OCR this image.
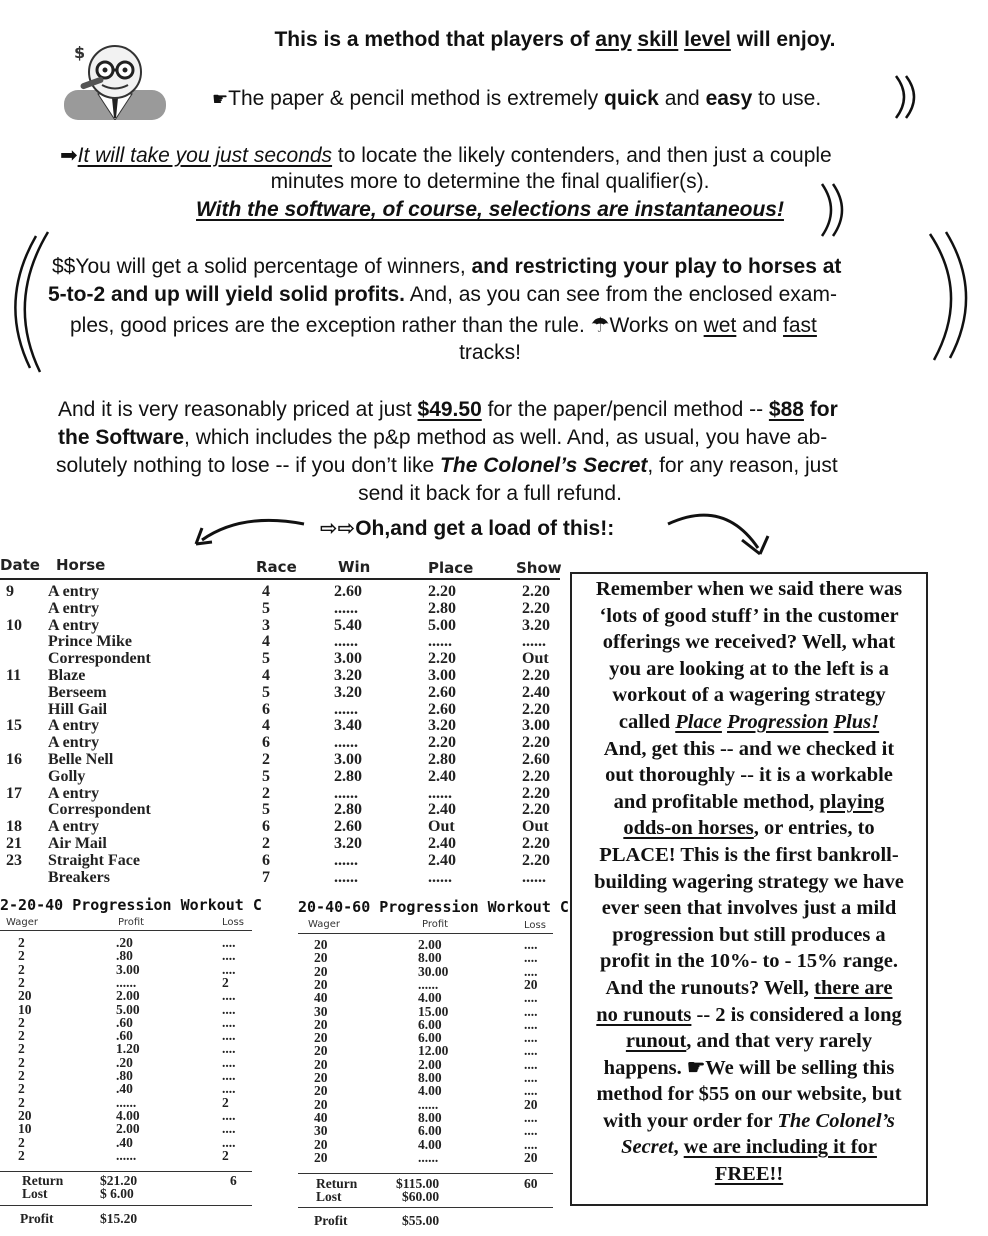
$
This is a method that players of any skill level will enjoy.
☛The paper & pencil method is extremely quick and easy to use.
➡It will take you just seconds to locate the likely contenders, and then just a couple
minutes more to determine the final qualifier(s).
With the software, of course, selections are instantaneous!
$$You will get a solid percentage of winners, and restricting your play to horses at
5-to-2 and up will yield solid profits. And, as you can see from the enclosed exam-
ples, good prices are the exception rather than the rule. ☂Works on wet and fast
tracks!
And it is very reasonably priced at just $49.50 for the paper/pencil method -- $88 for
the Software, which includes the p&p method as well. And, as usual, you have ab-
solutely nothing to lose -- if you don’t like The Colonel’s Secret, for any reason, just
send it back for a full refund.
⇨⇨Oh,and get a load of this!:
Date Horse	Race	Win	Place	Show
9 A entry	4	2.60	2.20	2.20
A entry	5	......	2.80	2.20
10 A entry	3	5.40	5.00	3.20
Prince Mike	4	......	......	......
Correspondent	5	3.00	2.20	Out
11 Blaze	4	3.20	3.00	2.20
Berseem	5	3.20	2.60	2.40
Hill Gail	6	......	2.60	2.20
15 A entry	4	3.40	3.20	3.00
A entry	6	......	2.20	2.20
16 Belle Nell	2	3.00	2.80	2.60
Golly	5	2.80	2.40	2.20
17 A entry	2	......	......	2.20
Correspondent	5	2.80	2.40	2.20
18 A entry	6	2.60	Out	Out
21 Air Mail	2	3.20	2.40	2.20
23 Straight Face	6	......	2.40	2.20
Breakers	7	......	......	......
2-20-40 Progression Workout C
Wager	Profit	Loss
2	.20	....
2	.80	....
2	3.00	....
2	......	2
20	2.00	....
10	5.00	....
2	.60	....
2	.60	....
2	1.20	....
2	.20	....
2	.80	....
2	.40	....
2	......	2
20	4.00	....
10	2.00	....
2	.40	....
2	......	2
Return	$21.20	6
Lost	$ 6.00
Profit	$15.20
20-40-60 Progression Workout C
Wager	Profit	Loss
20	2.00	....
20	8.00	....
20	30.00	....
20	......	20
40	4.00	....
30	15.00	....
20	6.00	....
20	6.00	....
20	12.00	....
20	2.00	....
20	8.00	....
20	4.00	....
20	......	20
40	8.00	....
30	6.00	....
20	4.00	....
20	......	20
Return	$115.00	60
Lost	$60.00
Profit	$55.00
Remember when we said there was
‘lots of good stuff’ in the customer
offerings we received? Well, what
you are looking at to the left is a
workout of a wagering strategy
called Place Progression Plus!
And, get this -- and we checked it
out thoroughly -- it is a workable
and profitable method, playing
odds-on horses, or entries, to
PLACE! This is the first bankroll-
building wagering strategy we have
ever seen that involves just a mild
progression but still produces a
profit in the 10%- to - 15% range.
And the runouts? Well, there are
no runouts -- 2 is considered a long
runout, and that very rarely
happens. ☛We will be selling this
method for $55 on our website, but
with your order for The Colonel’s
Secret, we are including it for
FREE!!
